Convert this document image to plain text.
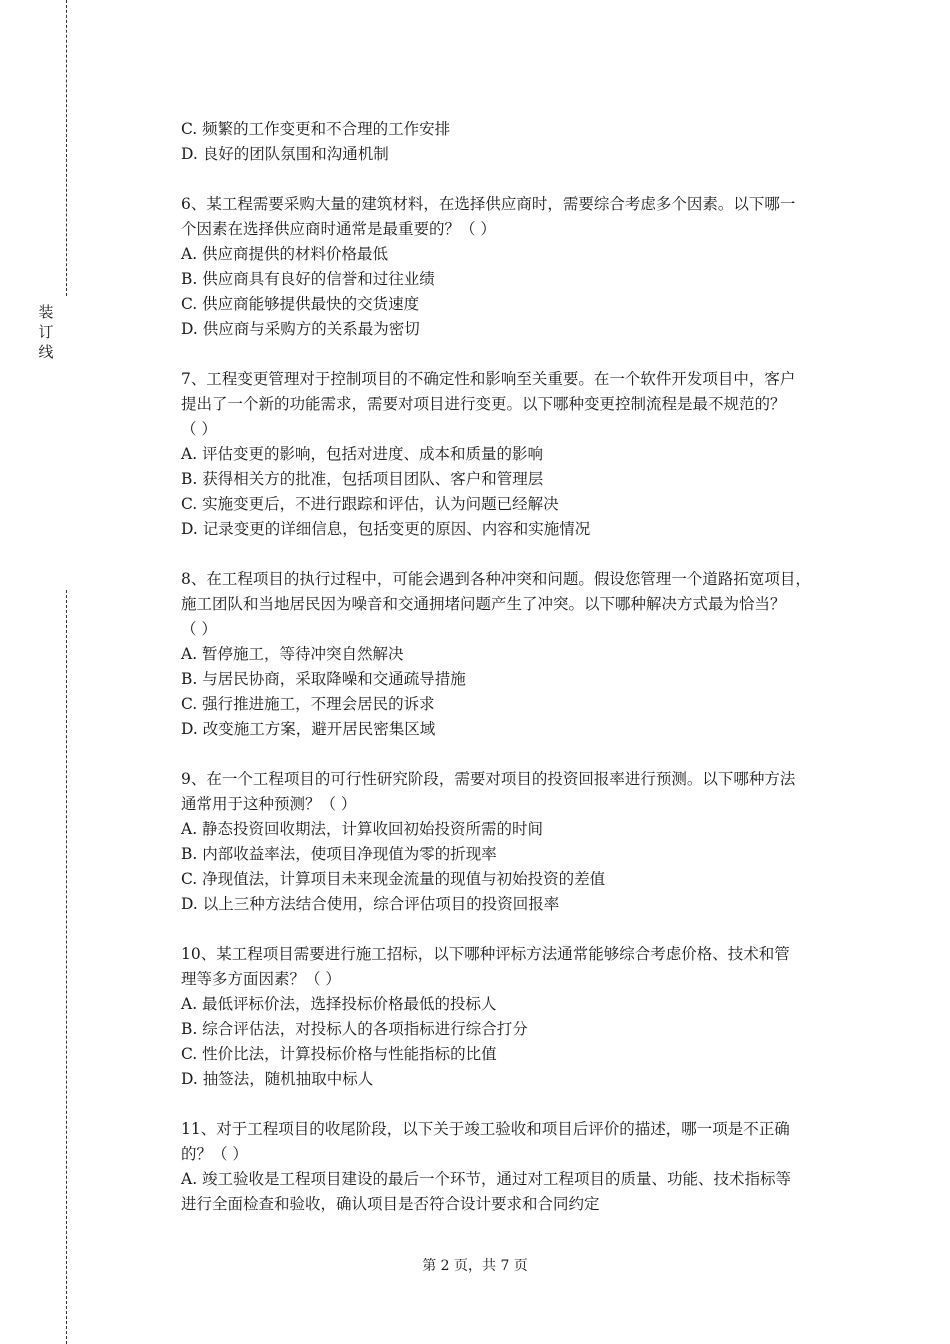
装
订
线

C. 频繁的工作变更和不合理的工作安排

D. 良好的团队氛围和沟通机制

6、某工程需要采购大量的建筑材料，在选择供应商时，需要综合考虑多个因素。以下哪一

个因素在选择供应商时通常是最重要的？（ ）

A. 供应商提供的材料价格最低

B. 供应商具有良好的信誉和过往业绩

C. 供应商能够提供最快的交货速度

D. 供应商与采购方的关系最为密切

7、工程变更管理对于控制项目的不确定性和影响至关重要。在一个软件开发项目中，客户

提出了一个新的功能需求，需要对项目进行变更。以下哪种变更控制流程是最不规范的？

（ ）

A. 评估变更的影响，包括对进度、成本和质量的影响

B. 获得相关方的批准，包括项目团队、客户和管理层

C. 实施变更后，不进行跟踪和评估，认为问题已经解决

D. 记录变更的详细信息，包括变更的原因、内容和实施情况

8、在工程项目的执行过程中，可能会遇到各种冲突和问题。假设您管理一个道路拓宽项目，

施工团队和当地居民因为噪音和交通拥堵问题产生了冲突。以下哪种解决方式最为恰当？

（ ）

A. 暂停施工，等待冲突自然解决

B. 与居民协商，采取降噪和交通疏导措施

C. 强行推进施工，不理会居民的诉求

D. 改变施工方案，避开居民密集区域

9、在一个工程项目的可行性研究阶段，需要对项目的投资回报率进行预测。以下哪种方法

通常用于这种预测？（ ）

A. 静态投资回收期法，计算收回初始投资所需的时间

B. 内部收益率法，使项目净现值为零的折现率

C. 净现值法，计算项目未来现金流量的现值与初始投资的差值

D. 以上三种方法结合使用，综合评估项目的投资回报率

10、某工程项目需要进行施工招标，以下哪种评标方法通常能够综合考虑价格、技术和管

理等多方面因素？（ ）

A. 最低评标价法，选择投标价格最低的投标人

B. 综合评估法，对投标人的各项指标进行综合打分

C. 性价比法，计算投标价格与性能指标的比值

D. 抽签法，随机抽取中标人

11、对于工程项目的收尾阶段，以下关于竣工验收和项目后评价的描述，哪一项是不正确

的？（ ）

A. 竣工验收是工程项目建设的最后一个环节，通过对工程项目的质量、功能、技术指标等

进行全面检查和验收，确认项目是否符合设计要求和合同约定

第 2 页，共 7 页
